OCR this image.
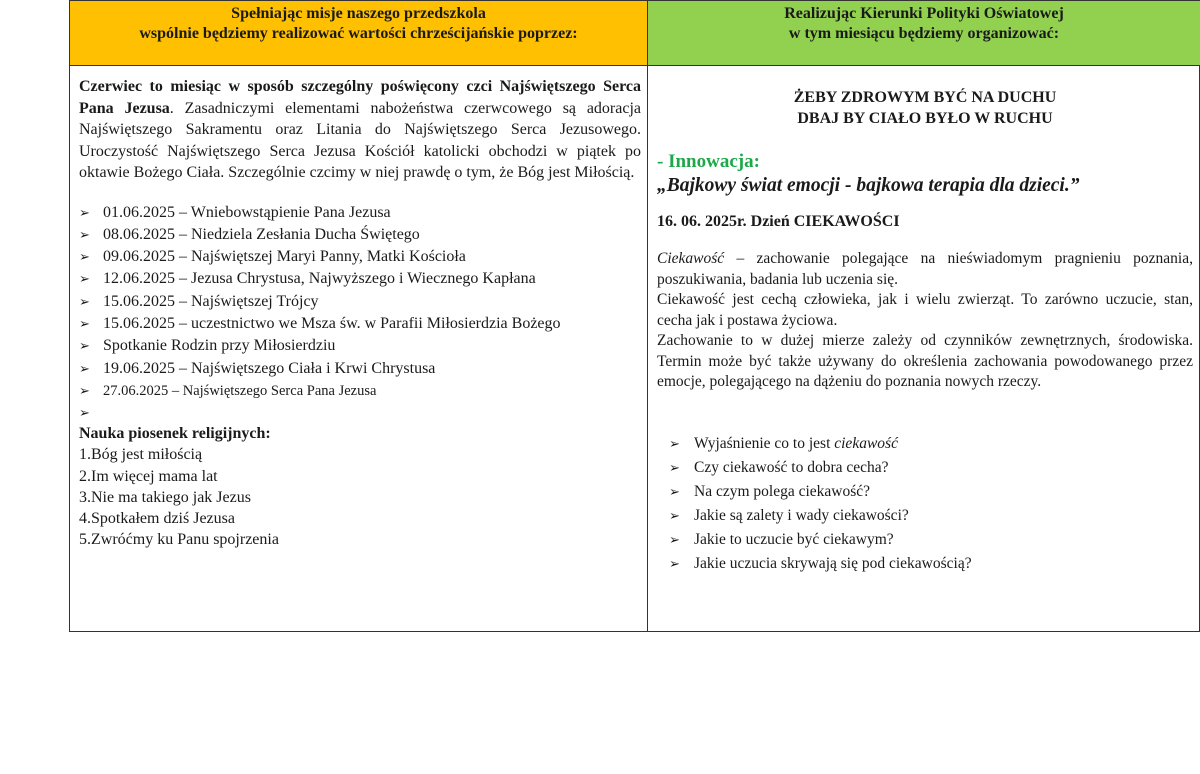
Spełniając misje naszego przedszkola
wspólnie będziemy realizować wartości chrześcijańskie poprzez:
Realizując Kierunki Polityki Oświatowej
w tym miesiącu będziemy organizować:

Czerwiec to miesiąc w sposób szczególny poświęcony czci Najświętszego Serca Pana Jezusa. Zasadniczymi elementami nabożeństwa czerwcowego są adoracja Najświętszego Sakramentu oraz Litania do Najświętszego Serca Jezusowego. Uroczystość Najświętszego Serca Jezusa Kościół katolicki obchodzi w piątek po oktawie Bożego Ciała. Szczególnie czcimy w niej prawdę o tym, że Bóg jest Miłością.

➢ 01.06.2025 – Wniebowstąpienie Pana Jezusa
➢ 08.06.2025 – Niedziela Zesłania Ducha Świętego
➢ 09.06.2025 – Najświętszej Maryi Panny, Matki Kościoła
➢ 12.06.2025 – Jezusa Chrystusa, Najwyższego i Wiecznego Kapłana
➢ 15.06.2025 – Najświętszej Trójcy
➢ 15.06.2025 – uczestnictwo we Msza św. w Parafii Miłosierdzia Bożego
➢ Spotkanie Rodzin przy Miłosierdziu
➢ 19.06.2025 – Najświętszego Ciała i Krwi Chrystusa
➢ 27.06.2025 – Najświętszego Serca Pana Jezusa
➢
Nauka piosenek religijnych:
1.Bóg jest miłością
2.Im więcej mama lat
3.Nie ma takiego jak Jezus
4.Spotkałem dziś Jezusa
5.Zwróćmy ku Panu spojrzenia
ŻEBY ZDROWYM BYĆ NA DUCHU
DBAJ BY CIAŁO BYŁO W RUCHU
- Innowacja:
„Bajkowy świat emocji - bajkowa terapia dla dzieci.”
16. 06. 2025r. Dzień CIEKAWOŚCI
Ciekawość – zachowanie polegające na nieświadomym pragnieniu poznania, poszukiwania, badania lub uczenia się.
Ciekawość jest cechą człowieka, jak i wielu zwierząt. To zarówno uczucie, stan, cecha jak i postawa życiowa.
Zachowanie to w dużej mierze zależy od czynników zewnętrznych, środowiska. Termin może być także używany do określenia zachowania powodowanego przez emocje, polegającego na dążeniu do poznania nowych rzeczy.
➢ Wyjaśnienie co to jest ciekawość
➢ Czy ciekawość to dobra cecha?
➢ Na czym polega ciekawość?
➢ Jakie są zalety i wady ciekawości?
➢ Jakie to uczucie być ciekawym?
➢ Jakie uczucia skrywają się pod ciekawością?
